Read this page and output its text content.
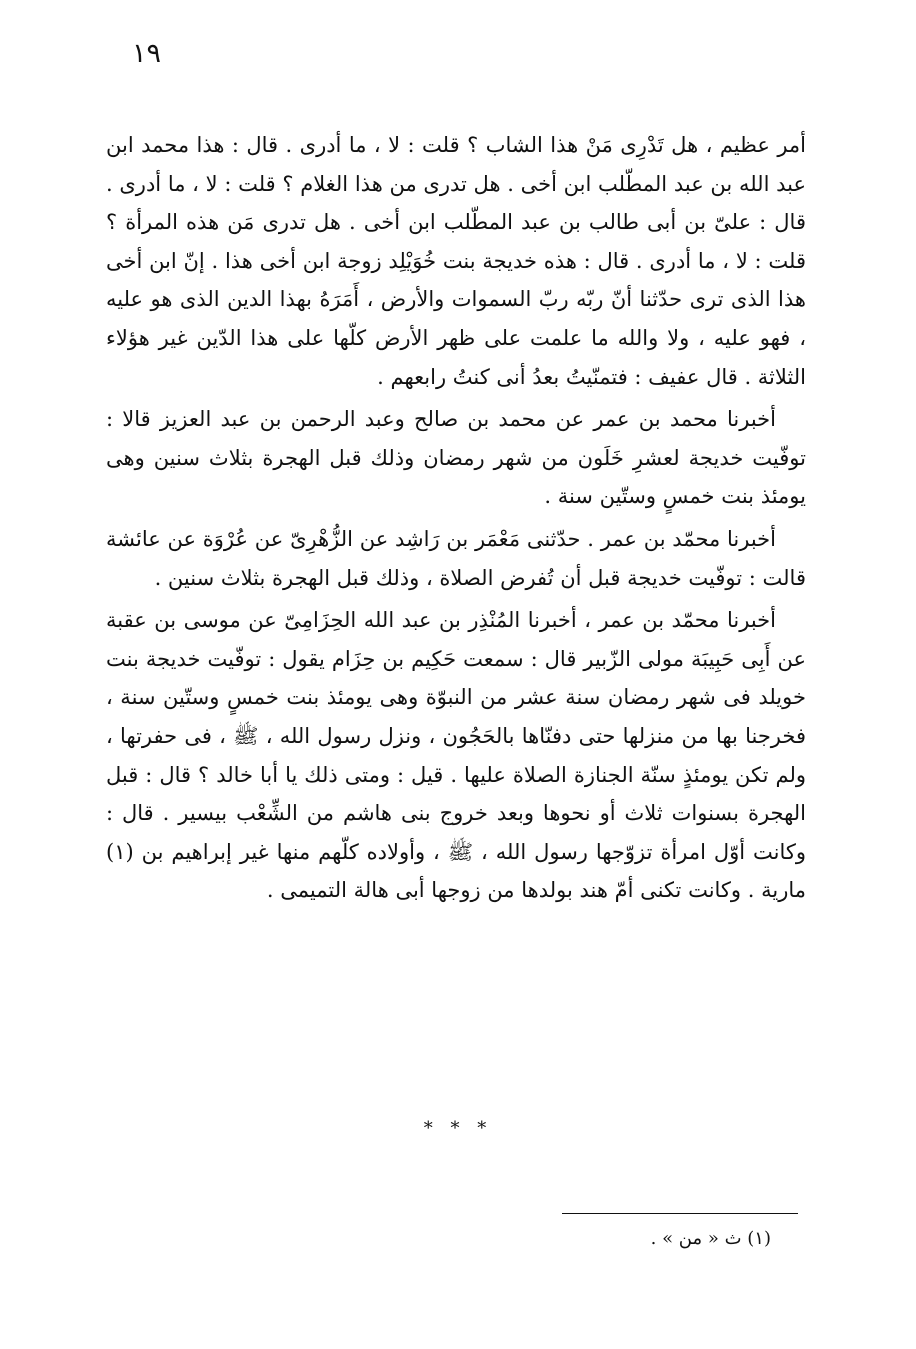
١٩

أمر عظيم ، هل تَدْرِى مَنْ هذا الشاب ؟ قلت : لا ، ما أدرى . قال : هذا محمد ابن عبد الله بن عبد المطّلب ابن أخى . هل تدرى من هذا الغلام ؟ قلت : لا ، ما أدرى . قال : علىّ بن أبى طالب بن عبد المطّلب ابن أخى . هل تدرى مَن هذه المرأة ؟ قلت : لا ، ما أدرى . قال : هذه خديجة بنت خُوَيْلِد زوجة ابن أخى هذا . إنّ ابن أخى هذا الذى ترى حدّثنا أنّ ربّه ربّ السموات والأرض ، أَمَرَهُ بهذا الدين الذى هو عليه ، فهو عليه ، ولا والله ما علمت على ظهر الأرض كلّها على هذا الدّين غير هؤلاء الثلاثة . قال عفيف : فتمنّيتُ بعدُ أنى كنتُ رابعهم .

أخبرنا محمد بن عمر عن محمد بن صالح وعبد الرحمن بن عبد العزيز قالا : توفّيت خديجة لعشرِ خَلَون من شهر رمضان وذلك قبل الهجرة بثلاث سنين وهى يومئذ بنت خمسٍ وستّين سنة .

أخبرنا محمّد بن عمر . حدّثنى مَعْمَر بن رَاشِد عن الزُّهْرِىّ عن عُرْوَة عن عائشة قالت : توفّيت خديجة قبل أن تُفرض الصلاة ، وذلك قبل الهجرة بثلاث سنين .

أخبرنا محمّد بن عمر ، أخبرنا المُنْذِر بن عبد الله الحِزَامِىّ عن موسى بن عقبة عن أَبِى حَبِيبَة مولى الزّبير قال : سمعت حَكِيم بن حِزَام يقول : توفّيت خديجة بنت خويلد فى شهر رمضان سنة عشر من النبوّة وهى يومئذ بنت خمسٍ وستّين سنة ، فخرجنا بها من منزلها حتى دفنّاها بالحَجُون ، ونزل رسول الله ، ﷺ ، فى حفرتها ، ولم تكن يومئذٍ سنّة الجنازة الصلاة عليها . قيل : ومتى ذلك يا أبا خالد ؟ قال : قبل الهجرة بسنوات ثلاث أو نحوها وبعد خروج بنى هاشم من الشِّعْب بيسير . قال : وكانت أوّل امرأة تزوّجها رسول الله ، ﷺ ، وأولاده كلّهم منها غير إبراهيم بن (١) مارية . وكانت تكنى أمّ هند بولدها من زوجها أبى هالة التميمى .

* * *
(١) ث « من » .
